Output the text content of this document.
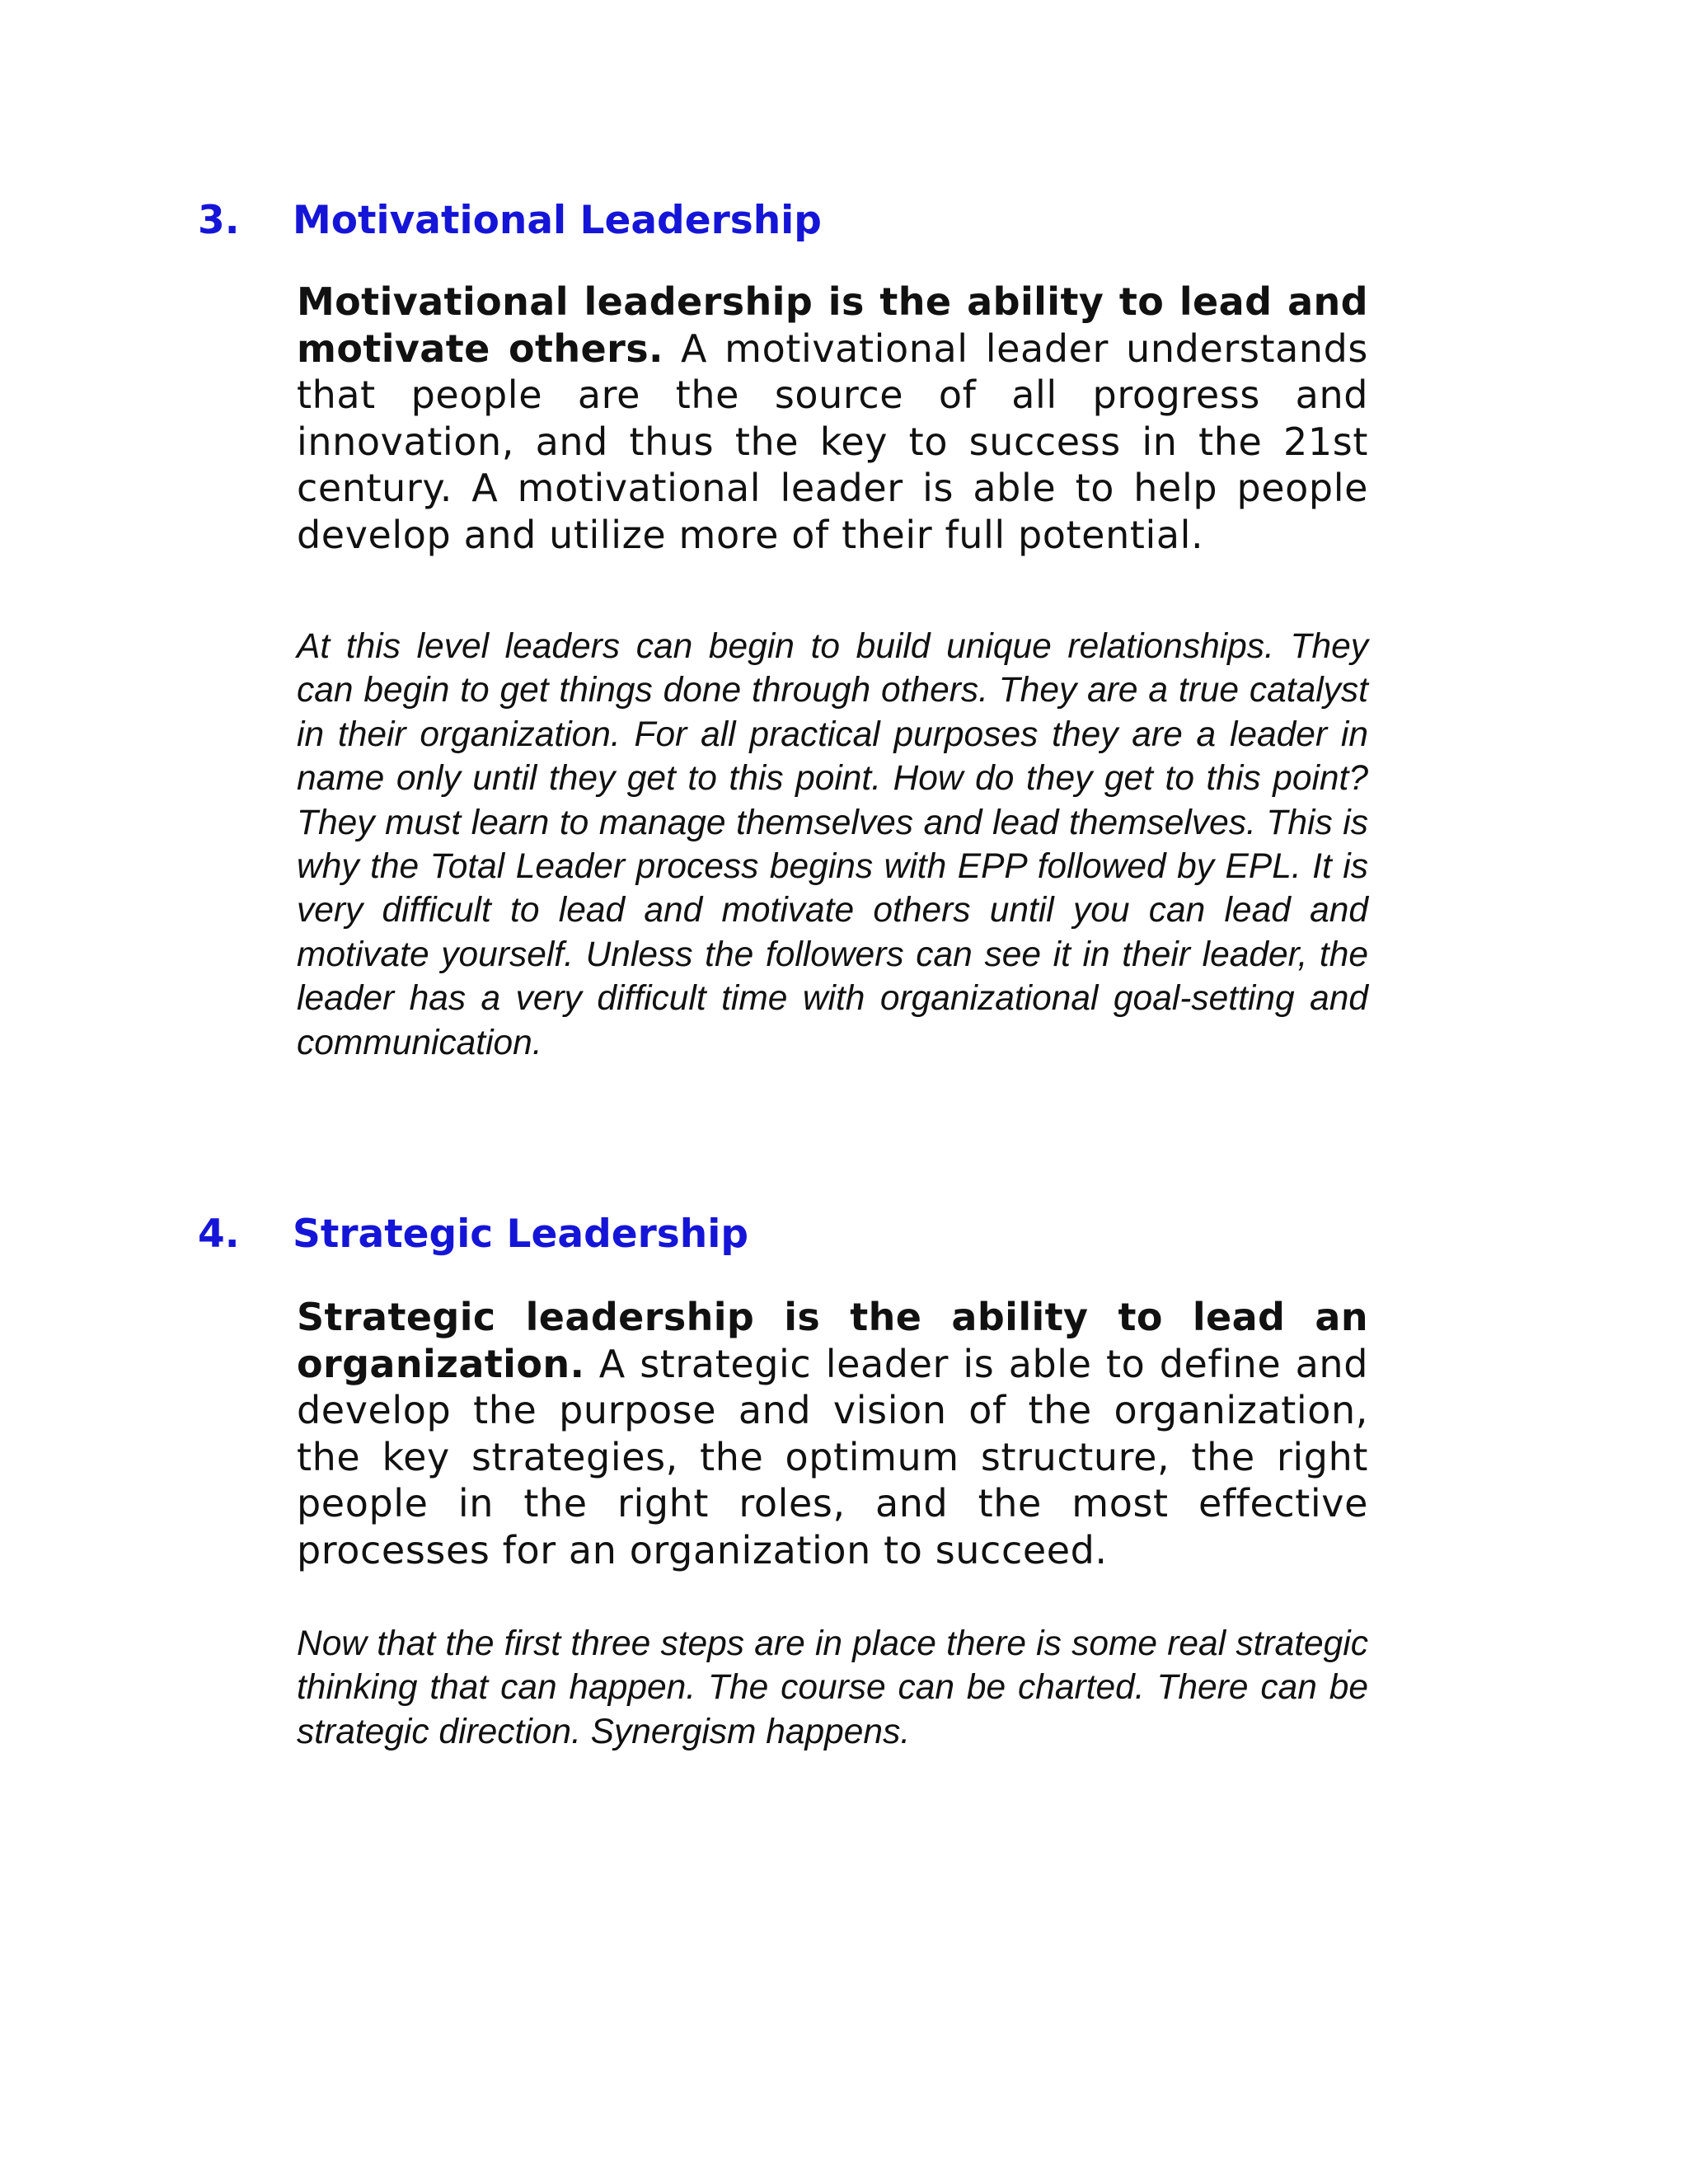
3. Motivational Leadership

Motivational leadership is the ability to lead and motivate others. A motivational leader understands that people are the source of all progress and innovation, and thus the key to success in the 21st century. A motivational leader is able to help people develop and utilize more of their full potential.

At this level leaders can begin to build unique relationships. They can begin to get things done through others. They are a true catalyst in their organization. For all practical purposes they are a leader in name only until they get to this point. How do they get to this point? They must learn to manage themselves and lead themselves. This is why the Total Leader process begins with EPP followed by EPL. It is very difficult to lead and motivate others until you can lead and motivate yourself. Unless the followers can see it in their leader, the leader has a very difficult time with organizational goal-setting and communication.

4. Strategic Leadership

Strategic leadership is the ability to lead an organization. A strategic leader is able to define and develop the purpose and vision of the organization, the key strategies, the optimum structure, the right people in the right roles, and the most effective processes for an organization to succeed.

Now that the first three steps are in place there is some real strategic thinking that can happen. The course can be charted. There can be strategic direction. Synergism happens.
